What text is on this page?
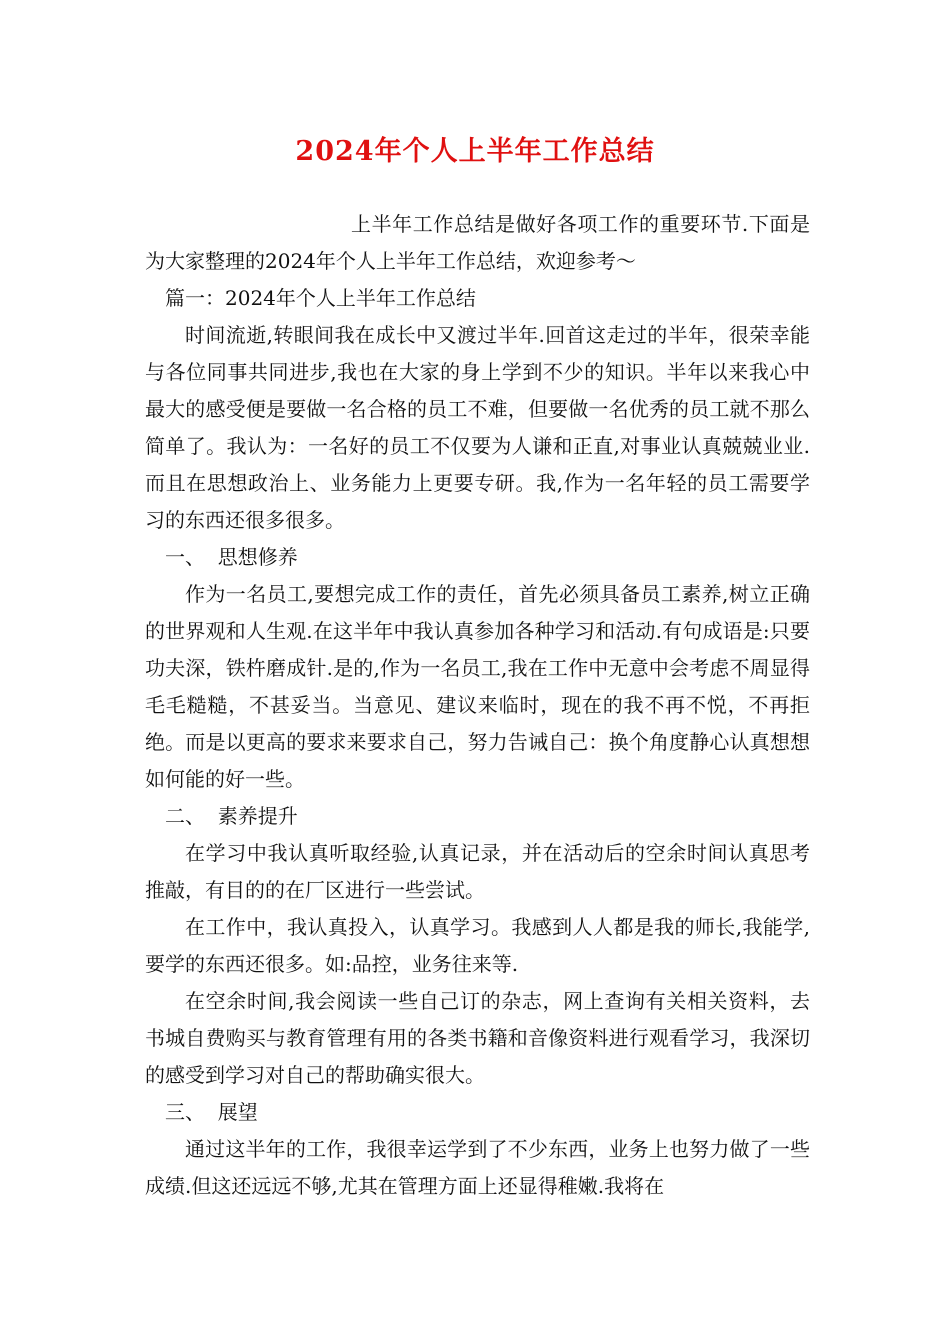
2024年个人上半年工作总结

上半年工作总结是做好各项工作的重要环节.下面是为大家整理的2024年个人上半年工作总结，欢迎参考～

篇一：2024年个人上半年工作总结

时间流逝,转眼间我在成长中又渡过半年.回首这走过的半年，很荣幸能与各位同事共同进步,我也在大家的身上学到不少的知识。半年以来我心中最大的感受便是要做一名合格的员工不难，但要做一名优秀的员工就不那么简单了。我认为：一名好的员工不仅要为人谦和正直,对事业认真兢兢业业.而且在思想政治上、业务能力上更要专研。我,作为一名年轻的员工需要学习的东西还很多很多。

一、  思想修养

作为一名员工,要想完成工作的责任，首先必须具备员工素养,树立正确的世界观和人生观.在这半年中我认真参加各种学习和活动.有句成语是:只要功夫深，铁杵磨成针.是的,作为一名员工,我在工作中无意中会考虑不周显得毛毛糙糙，不甚妥当。当意见、建议来临时，现在的我不再不悦，不再拒绝。而是以更高的要求来要求自己，努力告诫自己：换个角度静心认真想想如何能的好一些。

二、  素养提升

在学习中我认真听取经验,认真记录，并在活动后的空余时间认真思考推敲，有目的的在厂区进行一些尝试。

在工作中，我认真投入，认真学习。我感到人人都是我的师长,我能学,要学的东西还很多。如:品控，业务往来等.

在空余时间,我会阅读一些自己订的杂志，网上查询有关相关资料，去书城自费购买与教育管理有用的各类书籍和音像资料进行观看学习，我深切的感受到学习对自己的帮助确实很大。

三、  展望

通过这半年的工作，我很幸运学到了不少东西，业务上也努力做了一些成绩.但这还远远不够,尤其在管理方面上还显得稚嫩.我将在
